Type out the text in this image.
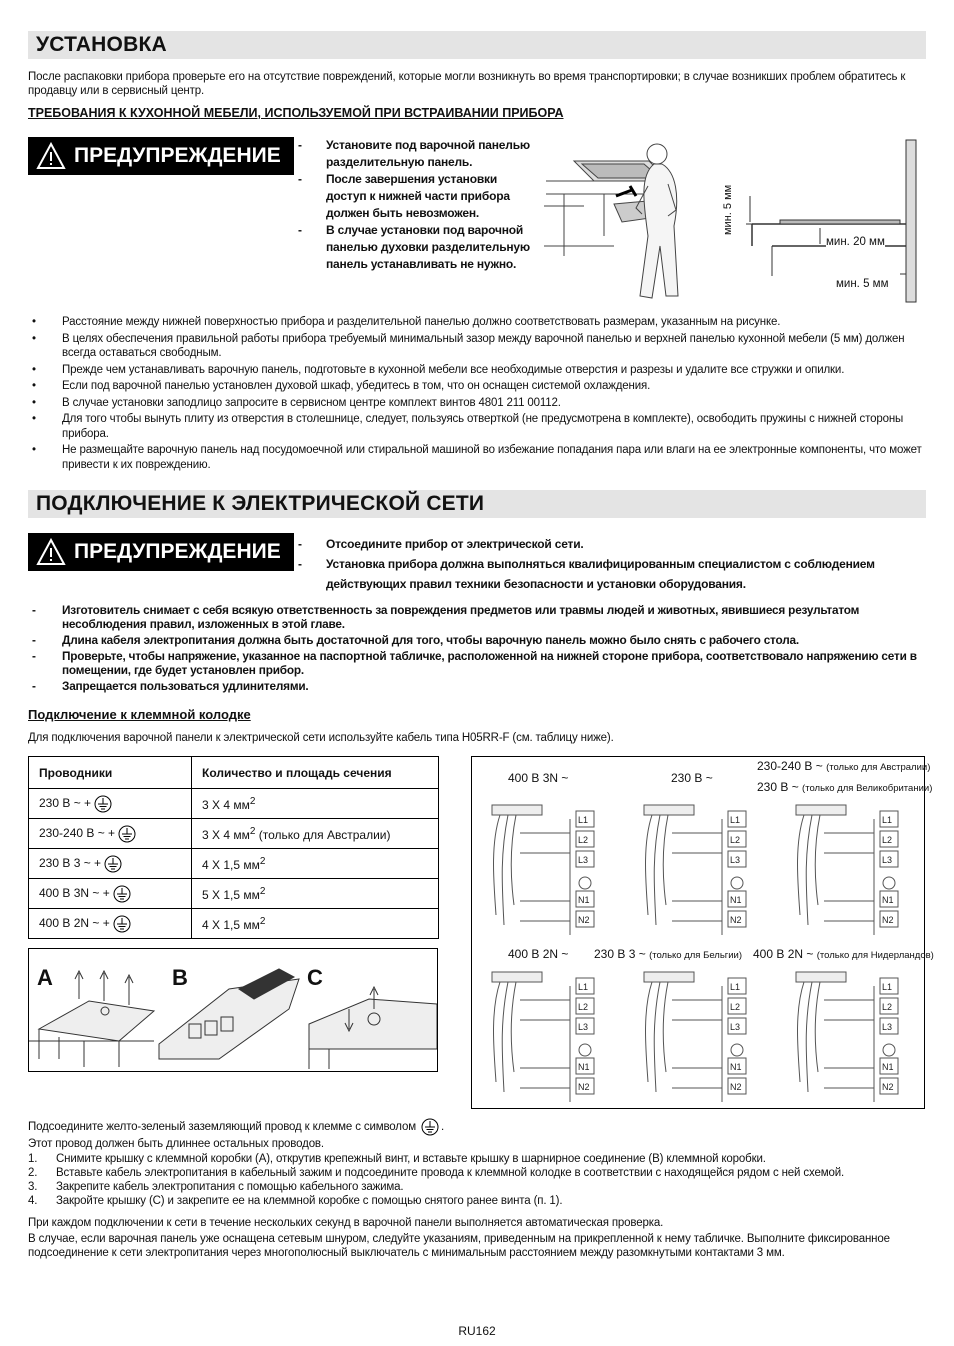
УСТАНОВКА
После распаковки прибора проверьте его на отсутствие повреждений, которые могли возникнуть во время транспортировки; в случае возникших проблем обратитесь к продавцу или в сервисный центр.
ТРЕБОВАНИЯ К КУХОННОЙ МЕБЕЛИ, ИСПОЛЬЗУЕМОЙ ПРИ ВСТРАИВАНИИ ПРИБОРА
ПРЕДУПРЕЖДЕНИЕ	- Установите под варочной панелью разделительную панель.
- После завершения установки доступ к нижней части прибора должен быть невозможен.
- В случае установки под варочной панелью духовки разделительную панель устанавливать не нужно.
мин. 5 мм
мин. 20 мм
мин. 5 мм
• Расстояние между нижней поверхностью прибора и разделительной панелью должно соответствовать размерам, указанным на рисунке.
• В целях обеспечения правильной работы прибора требуемый минимальный зазор между варочной панелью и верхней панелью кухонной мебели (5 мм) должен всегда оставаться свободным.
• Прежде чем устанавливать варочную панель, подготовьте в кухонной мебели все необходимые отверстия и разрезы и удалите все стружки и опилки.
• Если под варочной панелью установлен духовой шкаф, убедитесь в том, что он оснащен системой охлаждения.
• В случае установки заподлицо запросите в сервисном центре комплект винтов 4801 211 00112.
• Для того чтобы вынуть плиту из отверстия в столешнице, следует, пользуясь отверткой (не предусмотрена в комплекте), освободить пружины с нижней стороны прибора.
• Не размещайте варочную панель над посудомоечной или стиральной машиной во избежание попадания пара или влаги на ее электронные компоненты, что может привести к их повреждению.
ПОДКЛЮЧЕНИЕ К ЭЛЕКТРИЧЕСКОЙ СЕТИ
ПРЕДУПРЕЖДЕНИЕ	- Отсоедините прибор от электрической сети.
- Установка прибора должна выполняться квалифицированным специалистом с соблюдением действующих правил техники безопасности и установки оборудования.
- Изготовитель снимает с себя всякую ответственность за повреждения предметов или травмы людей и животных, явившиеся результатом несоблюдения правил, изложенных в этой главе.
- Длина кабеля электропитания должна быть достаточной для того, чтобы варочную панель можно было снять с рабочего стола.
- Проверьте, чтобы напряжение, указанное на паспортной табличке, расположенной на нижней стороне прибора, соответствовало напряжению сети в помещении, где будет установлен прибор.
- Запрещается пользоваться удлинителями.
Подключение к клеммной колодке
Для подключения варочной панели к электрической сети используйте кабель типа H05RR-F (см. таблицу ниже).
Проводники	Количество и площадь сечения
230 В ~ +	3 X 4 $мм^2$
230-240 В ~ +	3 X 4 $мм^2$ (только для Австралии)
230 В 3 ~ +	4 X 1,5 $мм^2$
400 В 3N ~ +	5 X 1,5 $мм^2$
400 В 2N ~ +	4 X 1,5 $мм^2$
A	B	C
400 В 3N ~	230 В ~
230-240 В ~ (только для Австралии)
230 В ~ (только для Великобритании)
400 В 2N ~ 230 В 3 ~ (только для Бельгии) 400 В 2N ~ (только для Нидерландов)
L1
L2
L3
N1
N2
L1
L2
L3
N1
N2
L1
L2
L3
N1
N2
L1
L2
L3
N1
N2
L1
L2
L3
N1
N2
L1
L2
L3
N1
N2
Подсоедините желто-зеленый заземляющий провод к клемме с символом .
Этот провод должен быть длиннее остальных проводов.
1. Снимите крышку с клеммной коробки (A), открутив крепежный винт, и вставьте крышку в шарнирное соединение (B) клеммной коробки.
2. Вставьте кабель электропитания в кабельный зажим и подсоедините провода к клеммной колодке в соответствии с находящейся рядом с ней схемой.
3. Закрепите кабель электропитания с помощью кабельного зажима.
4. Закройте крышку (C) и закрепите ее на клеммной коробке с помощью снятого ранее винта (п. 1).
При каждом подключении к сети в течение нескольких секунд в варочной панели выполняется автоматическая проверка.
В случае, если варочная панель уже оснащена сетевым шнуром, следуйте указаниям, приведенным на прикрепленной к нему табличке. Выполните фиксированное подсоединение к сети электропитания через многополюсный выключатель с минимальным расстоянием между разомкнутыми контактами 3 мм.
RU162
